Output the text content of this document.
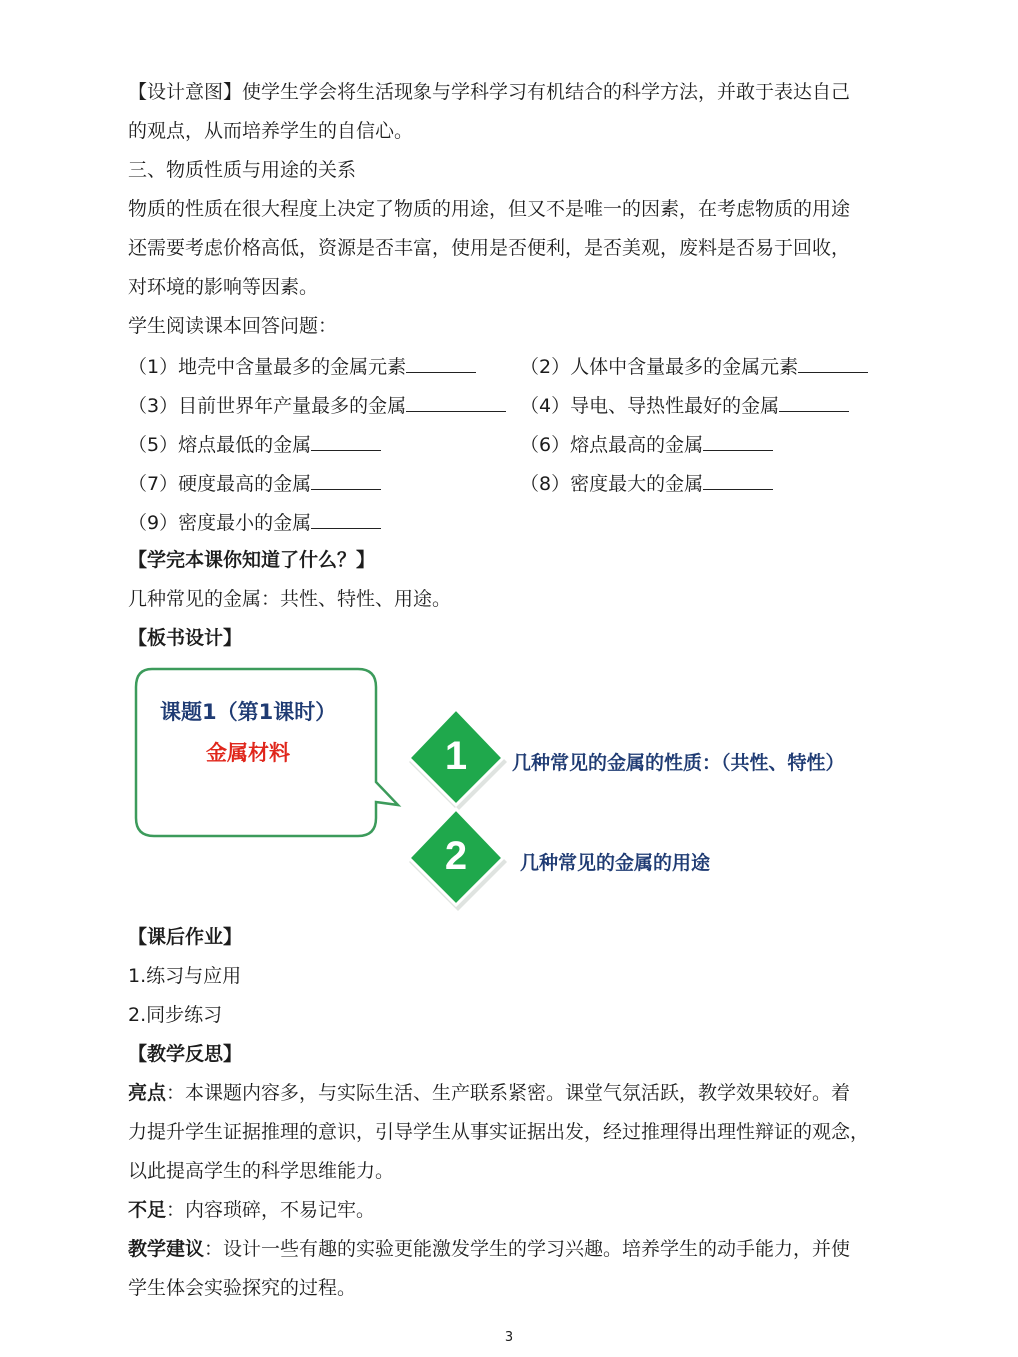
【设计意图】使学生学会将生活现象与学科学习有机结合的科学方法，并敢于表达自己
的观点，从而培养学生的自信心。
三、物质性质与用途的关系
物质的性质在很大程度上决定了物质的用途，但又不是唯一的因素，在考虑物质的用途
还需要考虑价格高低，资源是否丰富，使用是否便利，是否美观，废料是否易于回收，
对环境的影响等因素。
学生阅读课本回答问题：
（1）地壳中含量最多的金属元素	（2）人体中含量最多的金属元素
（3）目前世界年产量最多的金属	（4）导电、导热性最好的金属
（5）熔点最低的金属	（6）熔点最高的金属
（7）硬度最高的金属	（8）密度最大的金属
（9）密度最小的金属
【学完本课你知道了什么？】
几种常见的金属：共性、特性、用途。
【板书设计】
课题1（第1课时）
金属材料	1
2
几种常见的金属的性质：（共性、特性）
几种常见的金属的用途
【课后作业】
1.练习与应用
2.同步练习
【教学反思】
亮点：本课题内容多，与实际生活、生产联系紧密。课堂气氛活跃，教学效果较好。着
力提升学生证据推理的意识，引导学生从事实证据出发，经过推理得出理性辩证的观念，
以此提高学生的科学思维能力。
不足：内容琐碎，不易记牢。
教学建议：设计一些有趣的实验更能激发学生的学习兴趣。培养学生的动手能力，并使
学生体会实验探究的过程。
3
